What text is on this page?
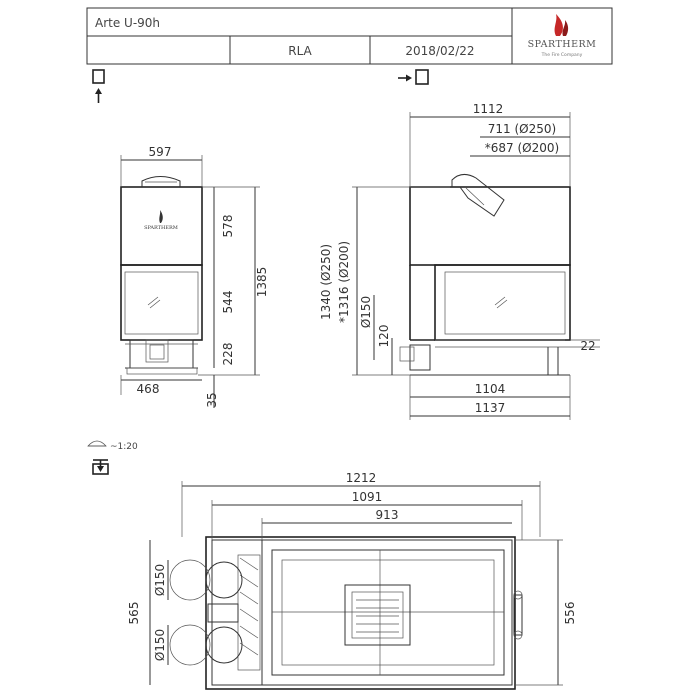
Arte U-90h
RLA	2018/02/22	SPARTHERM
The Fire Company
SPARTHERM
597
578
544
228
1385
35
468
1112
711 (Ø250)
*687 (Ø200)
1340 (Ø250) *1316 (Ø200) Ø150
120	22
1104
1137
~1:20
1212
1091
913
565
Ø150
Ø150
556
